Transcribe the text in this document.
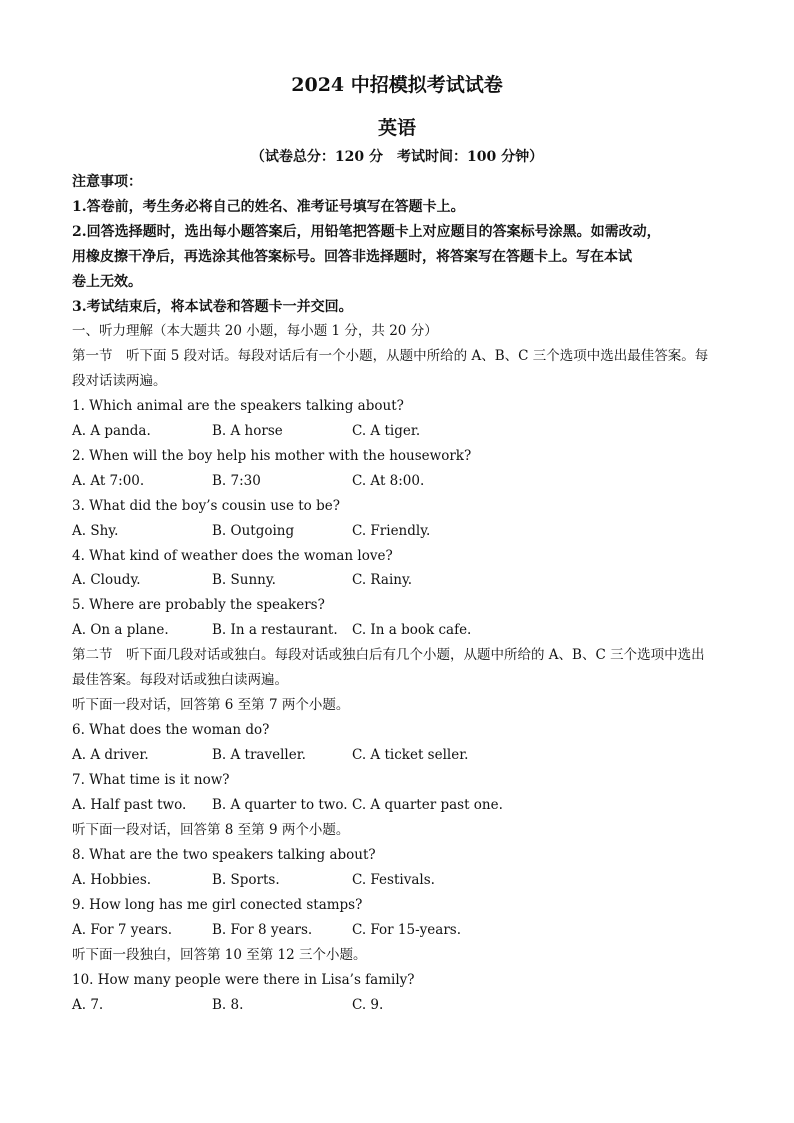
2024 中招模拟考试试卷
英语
（试卷总分：120 分　考试时间：100 分钟）
注意事项：
1.答卷前，考生务必将自己的姓名、准考证号填写在答题卡上。
2.回答选择题时，选出每小题答案后，用铅笔把答题卡上对应题目的答案标号涂黑。如需改动，
用橡皮擦干净后，再选涂其他答案标号。回答非选择题时，将答案写在答题卡上。写在本试
卷上无效。
3.考试结束后，将本试卷和答题卡一并交回。
一、听力理解（本大题共 20 小题，每小题 1 分，共 20 分）
第一节　听下面 5 段对话。每段对话后有一个小题，从题中所给的 A、B、C 三个选项中选出最佳答案。每
段对话读两遍。
1. Which animal are the speakers talking about?
A. A panda.	B. A horse	C. A tiger.
2. When will the boy help his mother with the housework?
A. At 7:00.	B. 7:30	C. At 8:00.
3. What did the boy’s cousin use to be?
A. Shy.	B. Outgoing	C. Friendly.
4. What kind of weather does the woman love?
A. Cloudy.	B. Sunny.	C. Rainy.
5. Where are probably the speakers?
A. On a plane.	B. In a restaurant. C. In a book cafe.
第二节　听下面几段对话或独白。每段对话或独白后有几个小题，从题中所给的 A、B、C 三个选项中选出
最佳答案。每段对话或独白读两遍。
听下面一段对话，回答第 6 至第 7 两个小题。
6. What does the woman do?
A. A driver.	B. A traveller.	C. A ticket seller.
7. What time is it now?
A. Half past two. B. A quarter to two. C. A quarter past one.
听下面一段对话，回答第 8 至第 9 两个小题。
8. What are the two speakers talking about?
A. Hobbies.	B. Sports.	C. Festivals.
9. How long has me girl conected stamps?
A. For 7 years.	B. For 8 years.	C. For 15-years.
听下面一段独白，回答第 10 至第 12 三个小题。
10. How many people were there in Lisa’s family?
A. 7.	B. 8.	C. 9.
